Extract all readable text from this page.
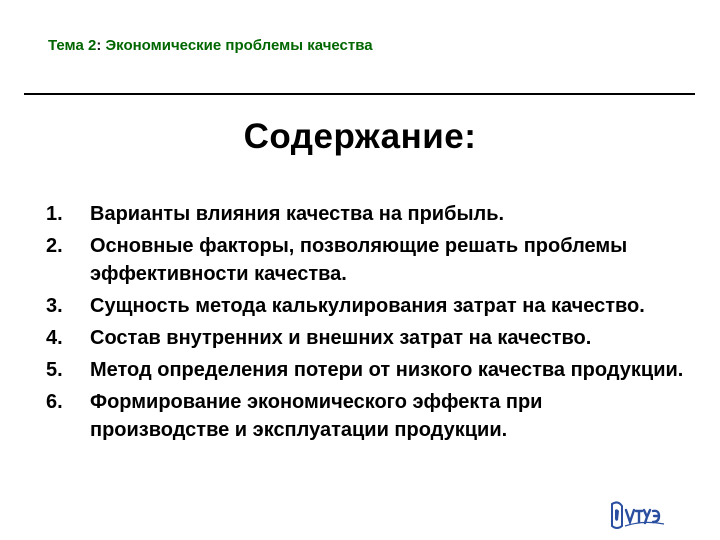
Тема 2: Экономические проблемы качества
Содержание:
1. Варианты влияния качества на прибыль.
2. Основные факторы, позволяющие решать проблемы эффективности качества.
3. Сущность метода калькулирования затрат на качество.
4. Состав внутренних и внешних затрат на качество.
5. Метод определения потери от низкого качества продукции.
6. Формирование экономического эффекта при производстве и эксплуатации продукции.
